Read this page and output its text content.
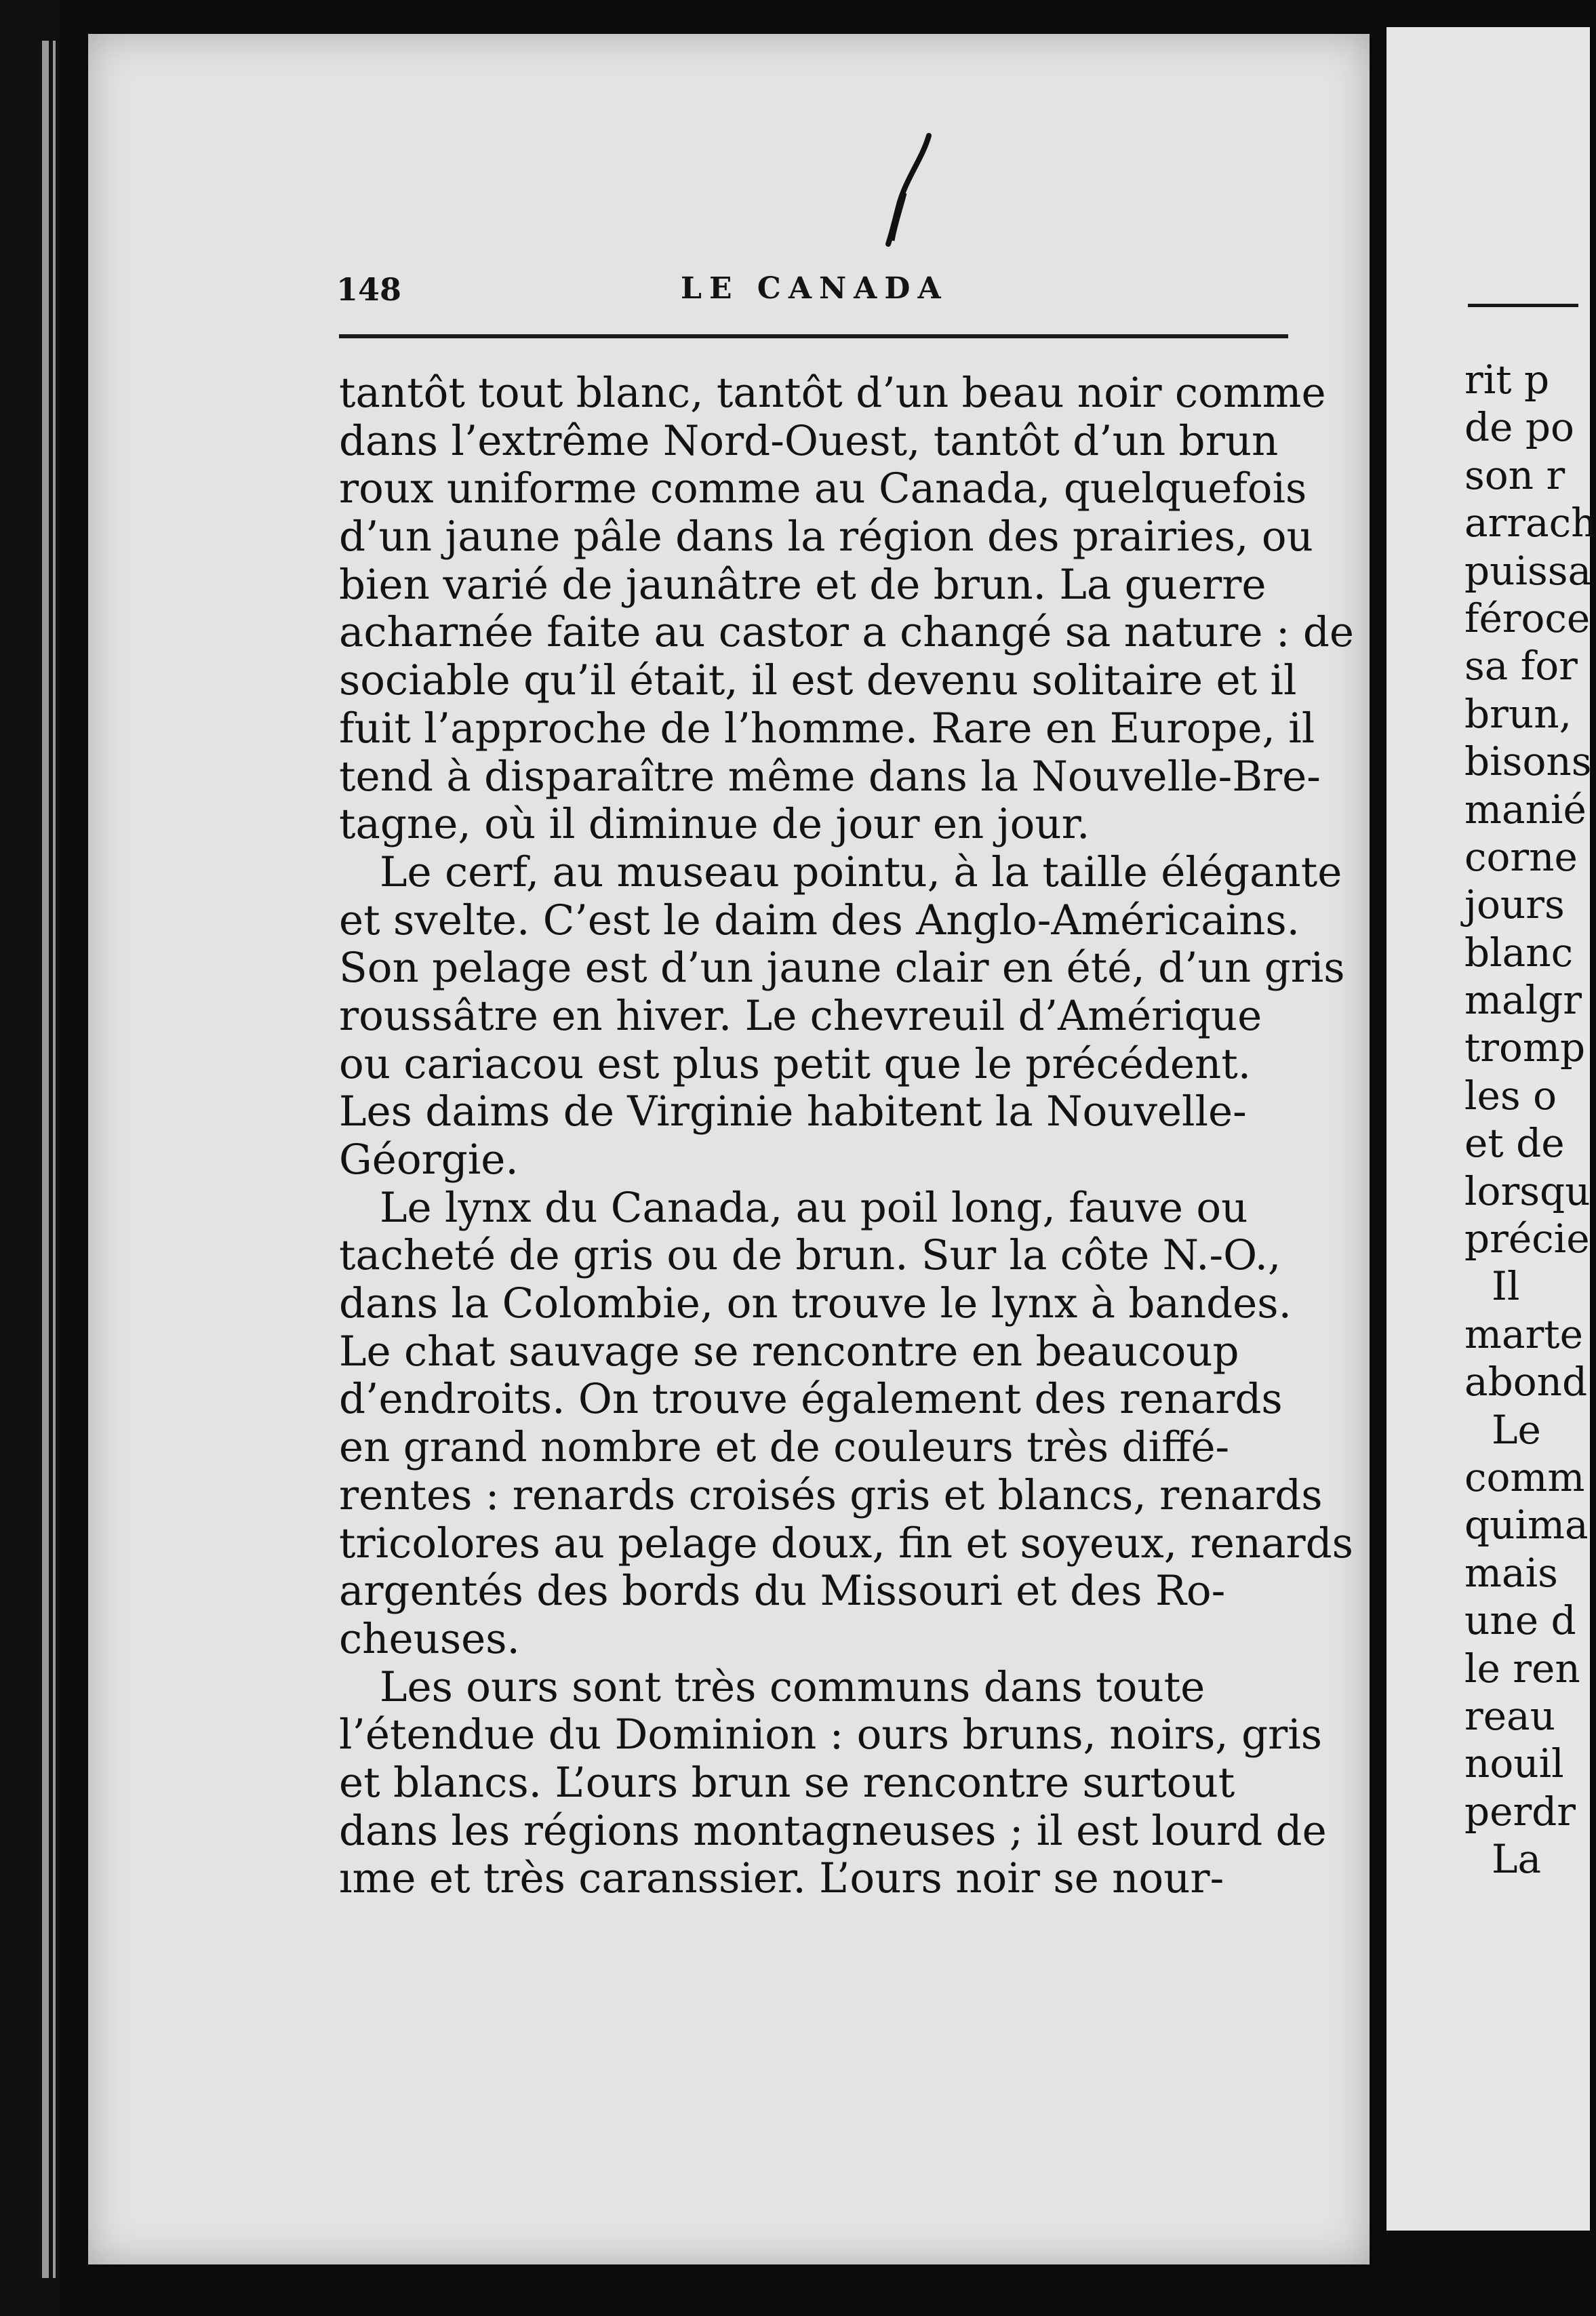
148	LE CANADA
tantôt tout blanc, tantôt d’un beau noir comme
dans l’extrême Nord-Ouest, tantôt d’un brun
roux uniforme comme au Canada, quelquefois
d’un jaune pâle dans la région des prairies, ou
bien varié de jaunâtre et de brun. La guerre
acharnée faite au castor a changé sa nature : de
sociable qu’il était, il est devenu solitaire et il
fuit l’approche de l’homme. Rare en Europe, il
tend à disparaître même dans la Nouvelle-Bre-
tagne, où il diminue de jour en jour.
Le cerf, au museau pointu, à la taille élégante
et svelte. C’est le daim des Anglo-Américains.
Son pelage est d’un jaune clair en été, d’un gris
roussâtre en hiver. Le chevreuil d’Amérique
ou cariacou est plus petit que le précédent.
Les daims de Virginie habitent la Nouvelle-
Géorgie.
Le lynx du Canada, au poil long, fauve ou
tacheté de gris ou de brun. Sur la côte N.-O.,
dans la Colombie, on trouve le lynx à bandes.
Le chat sauvage se rencontre en beaucoup
d’endroits. On trouve également des renards
en grand nombre et de couleurs très diffé-
rentes : renards croisés gris et blancs, renards
tricolores au pelage doux, fin et soyeux, renards
argentés des bords du Missouri et des Ro-
cheuses.
Les ours sont très communs dans toute
l’étendue du Dominion : ours bruns, noirs, gris
et blancs. L’ours brun se rencontre surtout
dans les régions montagneuses ; il est lourd de
ıme et très caranssier. L’ours noir se nour-
rit p
de po
son r
arrach
puissa
féroce
sa for
brun,
bisons
manié
corne
jours
blanc
malgr
tromp
les o
et de
lorsqu
précie
Il
marte
abond
Le
comm
quima
mais
une d
le ren
reau
nouil
perdr
La
